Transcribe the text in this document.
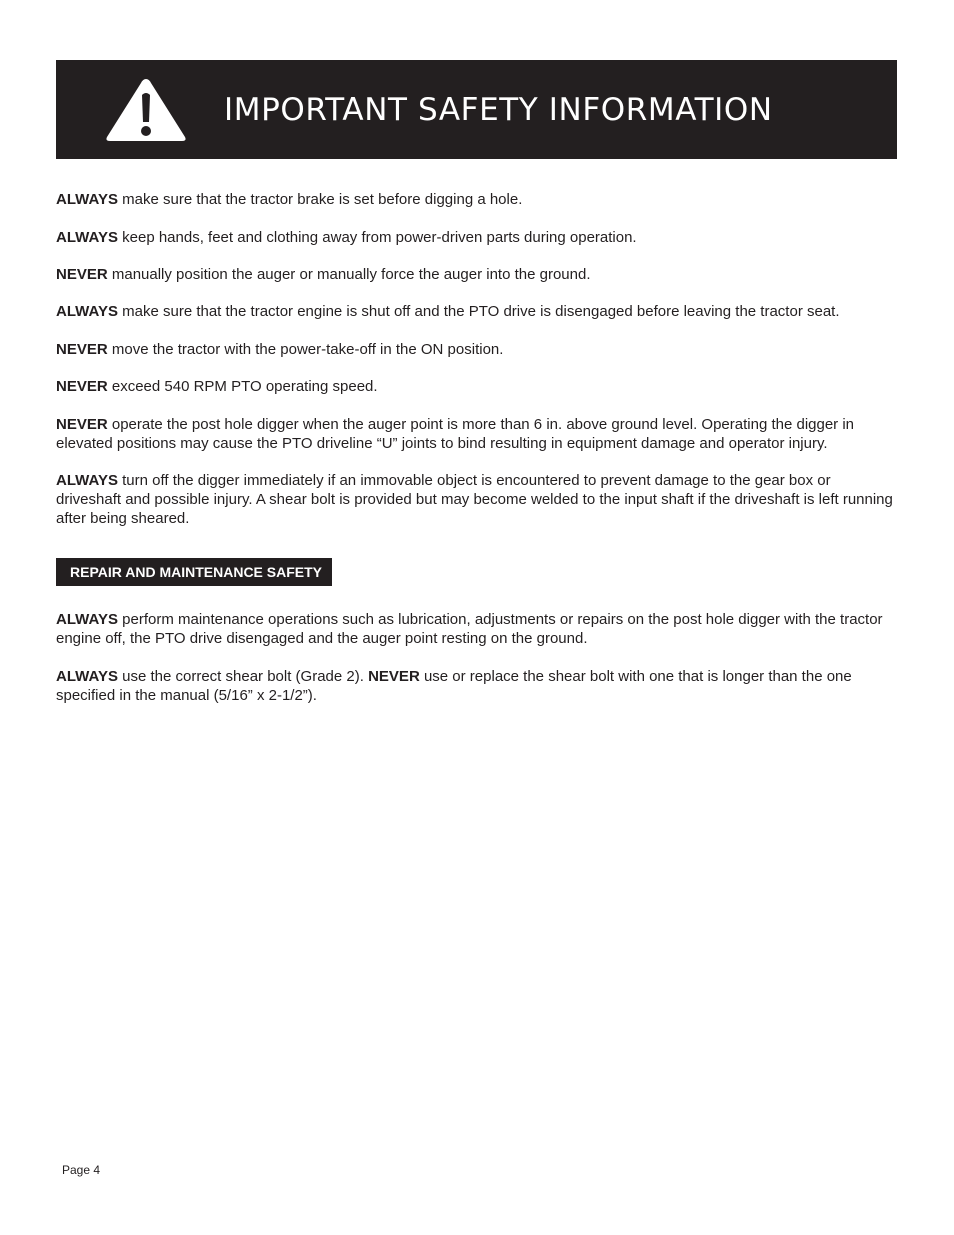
IMPORTANT SAFETY INFORMATION

ALWAYS make sure that the tractor brake is set before digging a hole.

ALWAYS keep hands, feet and clothing away from power-driven parts during operation.

NEVER manually position the auger or manually force the auger into the ground.

ALWAYS make sure that the tractor engine is shut off and the PTO drive is disengaged before leaving the tractor seat.

NEVER move the tractor with the power-take-off in the ON position.

NEVER exceed 540 RPM PTO operating speed.

NEVER operate the post hole digger when the auger point is more than 6 in. above ground level. Operating the digger in elevated positions may cause the PTO driveline “U” joints to bind resulting in equipment damage and operator injury.

ALWAYS turn off the digger immediately if an immovable object is encountered to prevent damage to the gear box or driveshaft and possible injury. A shear bolt is provided but may become welded to the input shaft if the driveshaft is left running after being sheared.

REPAIR AND MAINTENANCE SAFETY

ALWAYS perform maintenance operations such as lubrication, adjustments or repairs on the post hole digger with the tractor engine off, the PTO drive disengaged and the auger point resting on the ground.

ALWAYS use the correct shear bolt (Grade 2). NEVER use or replace the shear bolt with one that is longer than the one specified in the manual (5/16” x 2-1/2”).

Page 4
